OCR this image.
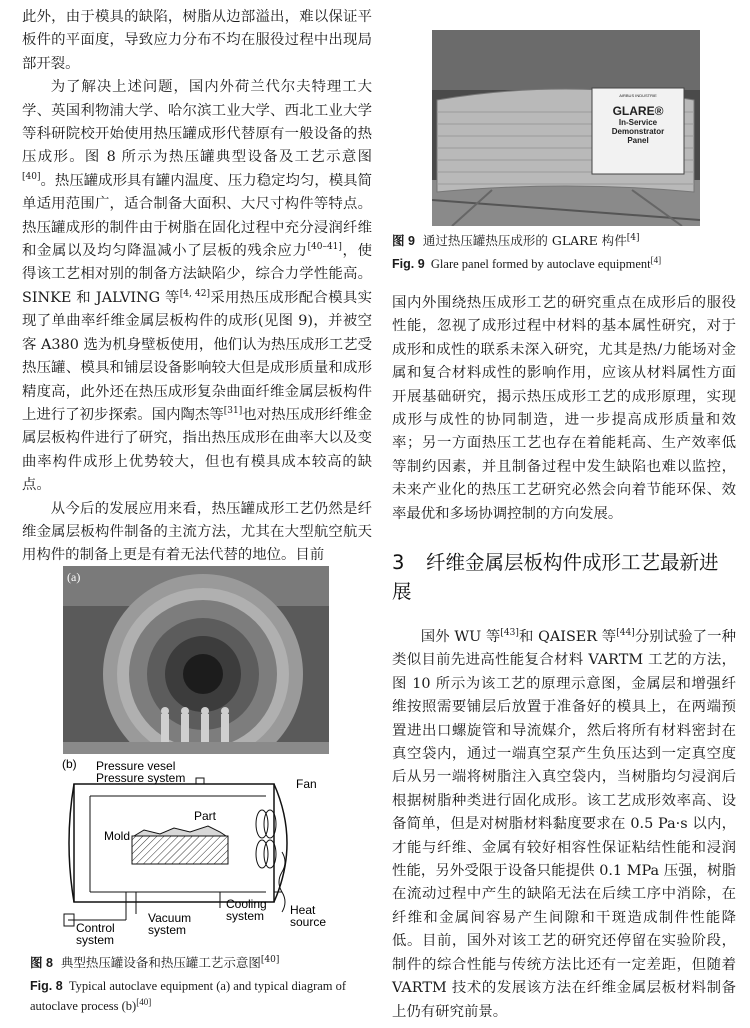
此外，由于模具的缺陷，树脂从边部溢出，难以保证平板件的平面度，导致应力分布不均在服役过程中出现局部开裂。

为了解决上述问题，国内外荷兰代尔夫特理工大学、英国利物浦大学、哈尔滨工业大学、西北工业大学等科研院校开始使用热压罐成形代替原有一般设备的热压成形。图 8 所示为热压罐典型设备及工艺示意图[40]。热压罐成形具有罐内温度、压力稳定均匀，模具简单适用范围广，适合制备大面积、大尺寸构件等特点。热压罐成形的制件由于树脂在固化过程中充分浸润纤维和金属以及均匀降温减小了层板的残余应力[40–41]，使得该工艺相对别的制备方法缺陷少，综合力学性能高。SINKE 和 JALVING 等[4, 42]采用热压成形配合模具实现了单曲率纤维金属层板构件的成形(见图 9)，并被空客 A380 选为机身壁板使用，他们认为热压成形工艺受热压罐、模具和铺层设备影响较大但是成形质量和成形精度高，此外还在热压成形复杂曲面纤维金属层板构件上进行了初步探索。国内陶杰等[31]也对热压成形纤维金属层板构件进行了研究，指出热压成形在曲率大以及变曲率构件成形上优势较大，但也有模具成本较高的缺点。

从今后的发展应用来看，热压罐成形工艺仍然是纤维金属层板构件制备的主流方法，尤其在大型航空航天用构件的制备上更是有着无法代替的地位。目前

AIRBUS INDUSTRIE
GLARE®
In-Service
Demonstrator
Panel
图 9 通过热压罐热压成形的 GLARE 构件[4]
Fig. 9 Glare panel formed by autoclave equipment[4]

国内外围绕热压成形工艺的研究重点在成形后的服役性能，忽视了成形过程中材料的基本属性研究，对于成形和成性的联系未深入研究，尤其是热/力能场对金属和复合材料成性的影响作用，应该从材料属性方面开展基础研究，揭示热压成形工艺的成形原理，实现成形与成性的协同制造，进一步提高成形质量和效率；另一方面热压工艺也存在着能耗高、生产效率低等制约因素，并且制备过程中发生缺陷也难以监控，未来产业化的热压工艺研究必然会向着节能环保、效率最优和多场协调控制的方向发展。

3 纤维金属层板构件成形工艺最新进展

国外 WU 等[43]和 QAISER 等[44]分别试验了一种类似目前先进高性能复合材料 VARTM 工艺的方法，图 10 所示为该工艺的原理示意图，金属层和增强纤维按照需要铺层后放置于准备好的模具上，在两端预置进出口螺旋管和导流媒介，然后将所有材料密封在真空袋内，通过一端真空泵产生负压达到一定真空度后从另一端将树脂注入真空袋内，当树脂均匀浸润后根据树脂种类进行固化成形。该工艺成形效率高、设备简单，但是对树脂材料黏度要求在 0.5 Pa·s 以内，才能与纤维、金属有较好相容性保证粘结性能和浸润性能，另外受限于设备只能提供 0.1 MPa 压强，树脂在流动过程中产生的缺陷无法在后续工序中消除，在纤维和金属间容易产生间隙和干斑造成制件性能降低。目前，国外对该工艺的研究还停留在实验阶段，制件的综合性能与传统方法比还有一定差距，但随着 VARTM 技术的发展该方法在纤维金属层板材料制备上仍有研究前景。

(a)
(b) Pressure vesel
Pressure system	Fan
Mold
Part
Cooling
system Heat
source
Vacuum
system
Control
system
图 8 典型热压罐设备和热压罐工艺示意图[40]
Fig. 8 Typical autoclave equipment (a) and typical diagram of autoclave process (b)[40]
